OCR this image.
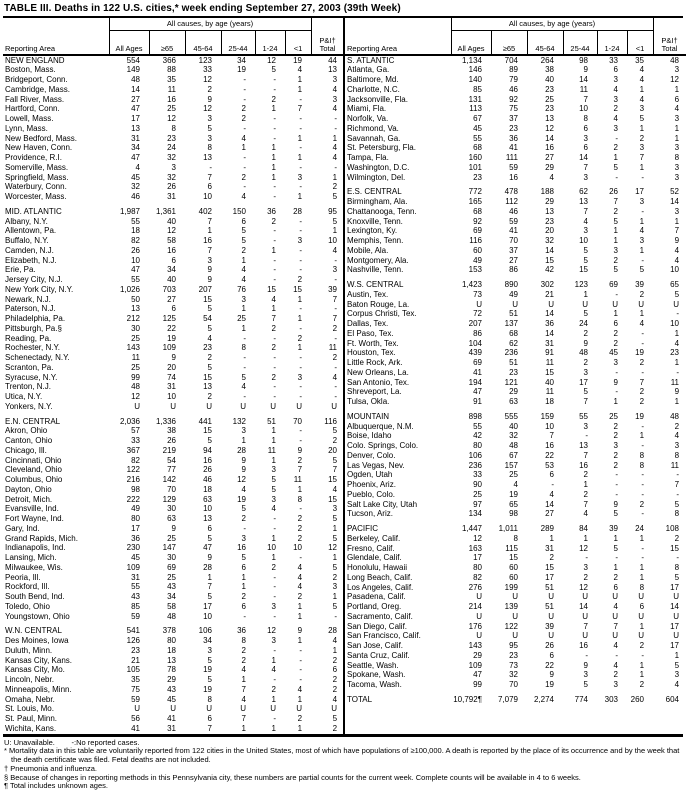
TABLE III. Deaths in 122 U.S. cities,* week ending September 27, 2003 (39th Week)
	All causes, by age (years)						
Reporting Area	All Ages	≥65	45-64	25-44	1-24	<1	P&I† Total
NEW ENGLAND	554	366	123	34	12	19	44
Boston, Mass.	149	88	33	19	5	4	13
Bridgeport, Conn.	48	35	12	-	-	1	3
Cambridge, Mass.	14	11	2	-	-	1	4
Fall River, Mass.	27	16	9	-	2	-	3
Hartford, Conn.	47	25	12	2	1	7	4
Lowell, Mass.	17	12	3	2	-	-	-
Lynn, Mass.	13	8	5	-	-	-	-
New Bedford, Mass.	31	23	3	4	-	1	1
New Haven, Conn.	34	24	8	1	1	-	4
Providence, R.I.	47	32	13	-	1	1	4
Somerville, Mass.	4	3	-	-	1	-	-
Springfield, Mass.	45	32	7	2	1	3	1
Waterbury, Conn.	32	26	6	-	-	-	2
Worcester, Mass.	46	31	10	4	-	1	5

MID. ATLANTIC	1,987	1,361	402	150	36	28	95
Albany, N.Y.	55	40	7	6	2	-	5
Allentown, Pa.	18	12	1	5	-	-	1
Buffalo, N.Y.	82	58	16	5	-	3	10
Camden, N.J.	26	16	7	2	1	-	4
Elizabeth, N.J.	10	6	3	1	-	-	-
Erie, Pa.	47	34	9	4	-	-	3
Jersey City, N.J.	55	40	9	4	-	2	-
New York City, N.Y.	1,026	703	207	76	15	15	39
Newark, N.J.	50	27	15	3	4	1	7
Paterson, N.J.	13	6	5	1	1	-	-
Philadelphia, Pa.	212	125	54	25	7	1	7
Pittsburgh, Pa.§	30	22	5	1	2	-	2
Reading, Pa.	25	19	4	-	-	2	-
Rochester, N.Y.	143	109	23	8	2	1	11
Schenectady, N.Y.	11	9	2	-	-	-	2
Scranton, Pa.	25	20	5	-	-	-	-
Syracuse, N.Y.	99	74	15	5	2	3	4
Trenton, N.J.	48	31	13	4	-	-	-
Utica, N.Y.	12	10	2	-	-	-	-
Yonkers, N.Y.	U	U	U	U	U	U	U

E.N. CENTRAL	2,036	1,336	441	132	51	70	116
Akron, Ohio	57	38	15	3	1	-	5
Canton, Ohio	33	26	5	1	1	-	2
Chicago, Ill.	367	219	94	28	11	9	20
Cincinnati, Ohio	82	54	16	9	1	2	5
Cleveland, Ohio	122	77	26	9	3	7	7
Columbus, Ohio	216	142	46	12	5	11	15
Dayton, Ohio	98	70	18	4	5	1	4
Detroit, Mich.	222	129	63	19	3	8	15
Evansville, Ind.	49	30	10	5	4	-	3
Fort Wayne, Ind.	80	63	13	2	-	2	5
Gary, Ind.	17	9	6	-	-	2	1
Grand Rapids, Mich.	36	25	5	3	1	2	5
Indianapolis, Ind.	230	147	47	16	10	10	12
Lansing, Mich.	45	30	9	5	1	-	1
Milwaukee, Wis.	109	69	28	6	2	4	5
Peoria, Ill.	31	25	1	1	-	4	2
Rockford, Ill.	55	43	7	1	-	4	3
South Bend, Ind.	43	34	5	2	-	2	1
Toledo, Ohio	85	58	17	6	3	1	5
Youngstown, Ohio	59	48	10	-	-	1	-

W.N. CENTRAL	541	378	106	36	12	9	28
Des Moines, Iowa	126	80	34	8	3	1	4
Duluth, Minn.	23	18	3	2	-	-	1
Kansas City, Kans.	21	13	5	2	1	-	2
Kansas City, Mo.	105	78	19	4	4	-	6
Lincoln, Nebr.	35	29	5	1	-	-	2
Minneapolis, Minn.	75	43	19	7	2	4	2
Omaha, Nebr.	59	45	8	4	1	1	4
St. Louis, Mo.	U	U	U	U	U	U	U
St. Paul, Minn.	56	41	6	7	-	2	5
Wichita, Kans.	41	31	7	1	1	1	2
	All causes, by age (years)						
Reporting Area	All Ages	≥65	45-64	25-44	1-24	<1	P&I† Total
S. ATLANTIC	1,134	704	264	98	33	35	48
Atlanta, Ga.	146	89	38	9	6	4	3
Baltimore, Md.	140	79	40	14	3	4	12
Charlotte, N.C.	85	46	23	11	4	1	1
Jacksonville, Fla.	131	92	25	7	3	4	6
Miami, Fla.	113	75	23	10	2	3	4
Norfolk, Va.	67	37	13	8	4	5	3
Richmond, Va.	45	23	12	6	3	1	1
Savannah, Ga.	55	36	14	3	-	2	1
St. Petersburg, Fla.	68	41	16	6	2	3	3
Tampa, Fla.	160	111	27	14	1	7	8
Washington, D.C.	101	59	29	7	5	1	3
Wilmington, Del.	23	16	4	3	-	-	3

E.S. CENTRAL	772	478	188	62	26	17	52
Birmingham, Ala.	165	112	29	13	7	3	14
Chattanooga, Tenn.	68	46	13	7	2	-	3
Knoxville, Tenn.	92	59	23	4	5	1	1
Lexington, Ky.	69	41	20	3	1	4	7
Memphis, Tenn.	116	70	32	10	1	3	9
Mobile, Ala.	60	37	14	5	3	1	4
Montgomery, Ala.	49	27	15	5	2	-	4
Nashville, Tenn.	153	86	42	15	5	5	10

W.S. CENTRAL	1,423	890	302	123	69	39	65
Austin, Tex.	73	49	21	1	-	2	5
Baton Rouge, La.	U	U	U	U	U	U	U
Corpus Christi, Tex.	72	51	14	5	1	1	-
Dallas, Tex.	207	137	36	24	6	4	10
El Paso, Tex.	86	68	14	2	2	-	1
Ft. Worth, Tex.	104	62	31	9	2	-	4
Houston, Tex.	439	236	91	48	45	19	23
Little Rock, Ark.	69	51	11	2	3	2	1
New Orleans, La.	41	23	15	3	-	-	-
San Antonio, Tex.	194	121	40	17	9	7	11
Shreveport, La.	47	29	11	5	-	2	9
Tulsa, Okla.	91	63	18	7	1	2	1

MOUNTAIN	898	555	159	55	25	19	48
Albuquerque, N.M.	55	40	10	3	2	-	2
Boise, Idaho	42	32	7	-	2	1	4
Colo. Springs, Colo.	80	48	16	13	3	-	3
Denver, Colo.	106	67	22	7	2	8	8
Las Vegas, Nev.	236	157	53	16	2	8	11
Ogden, Utah	33	25	6	2	-	-	-
Phoenix, Ariz.	90	4	-	1	-	-	7
Pueblo, Colo.	25	19	4	2	-	-	-
Salt Lake City, Utah	97	65	14	7	9	2	5
Tucson, Ariz.	134	98	27	4	5	-	8

PACIFIC	1,447	1,011	289	84	39	24	108
Berkeley, Calif.	12	8	1	1	1	1	2
Fresno, Calif.	163	115	31	12	5	-	15
Glendale, Calif.	17	15	2	-	-	-	-
Honolulu, Hawaii	80	60	15	3	1	1	8
Long Beach, Calif.	82	60	17	2	2	1	5
Los Angeles, Calif.	276	199	51	12	6	8	17
Pasadena, Calif.	U	U	U	U	U	U	U
Portland, Oreg.	214	139	51	14	4	6	14
Sacramento, Calif.	U	U	U	U	U	U	U
San Diego, Calif.	176	122	39	7	7	1	17
San Francisco, Calif.	U	U	U	U	U	U	U
San Jose, Calif.	143	95	26	16	4	2	17
Santa Cruz, Calif.	29	23	6	-	-	-	1
Seattle, Wash.	109	73	22	9	4	1	5
Spokane, Wash.	47	32	9	3	2	1	3
Tacoma, Wash.	99	70	19	5	3	2	4

TOTAL	10,792¶	7,079	2,274	774	303	260	604
U: Unavailable.        -:No reported cases.
* Mortality data in this table are voluntarily reported from 122 cities in the United States, most of which have populations of ≥100,000. A death is reported by the place of its occurrence and by the week that the death certificate was filed. Fetal deaths are not included.
† Pneumonia and influenza.
§ Because of changes in reporting methods in this Pennsylvania city, these numbers are partial counts for the current week. Complete counts will be available in 4 to 6 weeks.
¶ Total includes unknown ages.
